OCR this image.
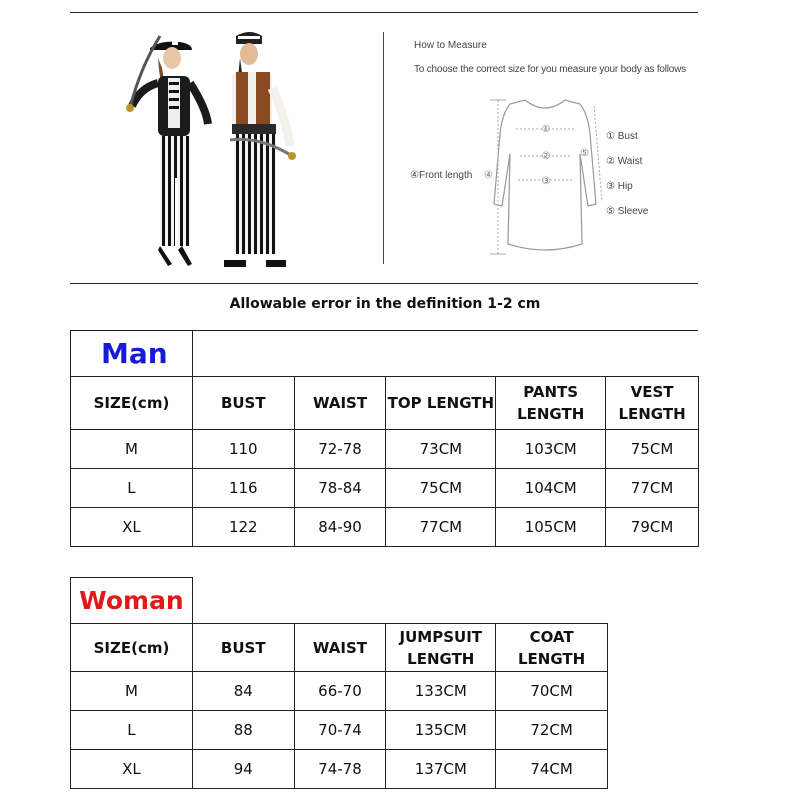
How to Measure
To choose the correct size for you measure your body as follows
④Front length
①
②
③
④
⑤
① Bust
② Waist
③ Hip
⑤ Sleeve
Allowable error in the definition 1-2 cm
Man					
SIZE(cm)	BUST	WAIST	TOP LENGTH	PANTS LENGTH	VEST LENGTH
M	110	72-78	73CM	103CM	75CM
L	116	78-84	75CM	104CM	77CM
XL	122	84-90	77CM	105CM	79CM
Woman				
SIZE(cm)	BUST	WAIST	JUMPSUIT LENGTH	COAT LENGTH
M	84	66-70	133CM	70CM
L	88	70-74	135CM	72CM
XL	94	74-78	137CM	74CM
